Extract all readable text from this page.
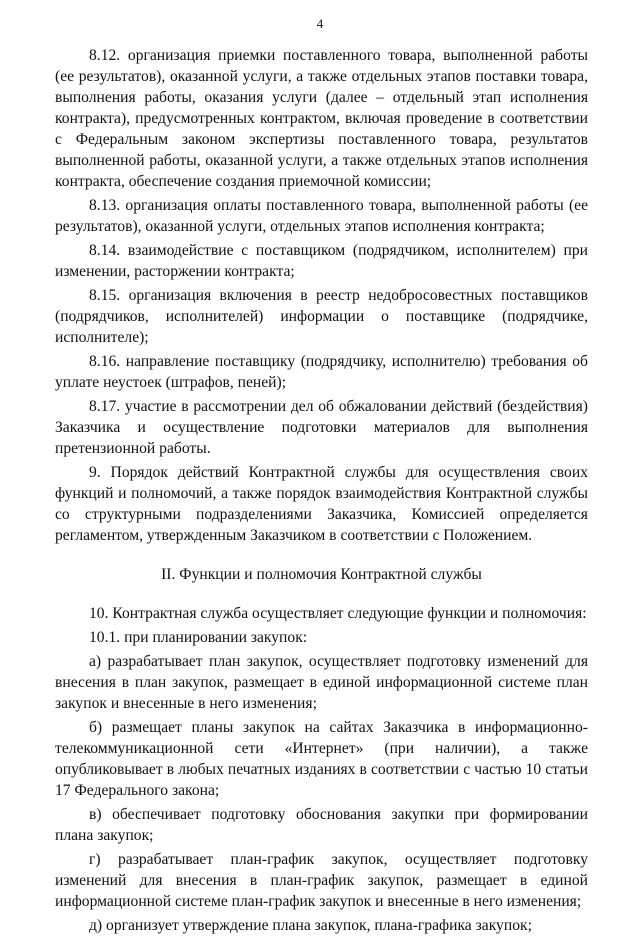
4

8.12. организация приемки поставленного товара, выполненной работы (ее результатов), оказанной услуги, а также отдельных этапов поставки товара, выполнения работы, оказания услуги (далее – отдельный этап исполнения контракта), предусмотренных контрактом, включая проведение в соответствии с Федеральным законом экспертизы поставленного товара, результатов выполненной работы, оказанной услуги, а также отдельных этапов исполнения контракта, обеспечение создания приемочной комиссии;

8.13. организация оплаты поставленного товара, выполненной работы (ее результатов), оказанной услуги, отдельных этапов исполнения контракта;

8.14. взаимодействие с поставщиком (подрядчиком, исполнителем) при изменении, расторжении контракта;

8.15. организация включения в реестр недобросовестных поставщиков (подрядчиков, исполнителей) информации о поставщике (подрядчике, исполнителе);

8.16. направление поставщику (подрядчику, исполнителю) требования об уплате неустоек (штрафов, пеней);

8.17. участие в рассмотрении дел об обжаловании действий (бездействия) Заказчика и осуществление подготовки материалов для выполнения претензионной работы.

9. Порядок действий Контрактной службы для осуществления своих функций и полномочий, а также порядок взаимодействия Контрактной службы со структурными подразделениями Заказчика, Комиссией определяется регламентом, утвержденным Заказчиком в соответствии с Положением.

II. Функции и полномочия Контрактной службы

10. Контрактная служба осуществляет следующие функции и полномочия:

10.1. при планировании закупок:

а) разрабатывает план закупок, осуществляет подготовку изменений для внесения в план закупок, размещает в единой информационной системе план закупок и внесенные в него изменения;

б) размещает планы закупок на сайтах Заказчика в информационно-телекоммуникационной сети «Интернет» (при наличии), а также опубликовывает в любых печатных изданиях в соответствии с частью 10 статьи 17 Федерального закона;

в) обеспечивает подготовку обоснования закупки при формировании плана закупок;

г) разрабатывает план-график закупок, осуществляет подготовку изменений для внесения в план-график закупок, размещает в единой информационной системе план-график закупок и внесенные в него изменения;

д) организует утверждение плана закупок, плана-графика закупок;
